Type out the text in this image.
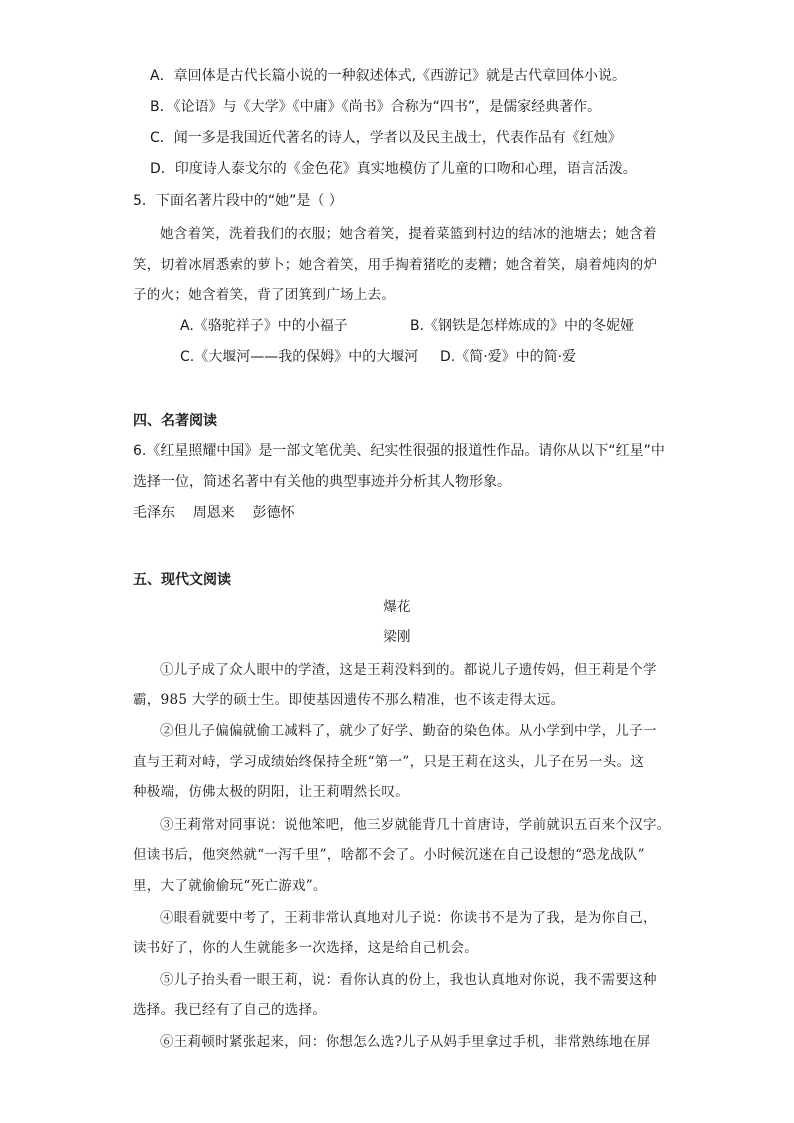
A．章回体是古代长篇小说的一种叙述体式,《西游记》就是古代章回体小说。
B．《论语》与《大学》《中庸》《尚书》合称为“四书”，是儒家经典著作。
C．闻一多是我国近代著名的诗人，学者以及民主战士，代表作品有《红烛》
D．印度诗人泰戈尔的《金色花》真实地模仿了儿童的口吻和心理，语言活泼。
5．下面名著片段中的“她”是（ ）
她含着笑，洗着我们的衣服；她含着笑，提着菜篮到村边的结冰的池塘去；她含着
笑，切着冰屑悉索的萝卜；她含着笑，用手掏着猪吃的麦糟；她含着笑，扇着炖肉的炉
子的火；她含着笑，背了团箕到广场上去。
A.《骆驼祥子》中的小福子	B.《钢铁是怎样炼成的》中的冬妮娅
C.《大堰河——我的保姆》中的大堰河 D.《简·爱》中的简·爱
四、名著阅读
6.《红星照耀中国》是一部文笔优美、纪实性很强的报道性作品。请你从以下“红星”中
选择一位，简述名著中有关他的典型事迹并分析其人物形象。
毛泽东    周恩来    彭德怀
五、现代文阅读
爆花
梁刚
①儿子成了众人眼中的学渣，这是王莉没料到的。都说儿子遗传妈，但王莉是个学
霸，985 大学的硕士生。即使基因遗传不那么精准，也不该走得太远。
②但儿子偏偏就偷工减料了，就少了好学、勤奋的染色体。从小学到中学，儿子一
直与王莉对峙，学习成绩始终保持全班“第一”，只是王莉在这头，儿子在另一头。这
种极端，仿佛太极的阴阳，让王莉喟然长叹。
③王莉常对同事说：说他笨吧，他三岁就能背几十首唐诗，学前就识五百来个汉字。
但读书后，他突然就“一泻千里”，啥都不会了。小时候沉迷在自己设想的“恐龙战队”
里，大了就偷偷玩“死亡游戏”。
④眼看就要中考了，王莉非常认真地对儿子说：你读书不是为了我，是为你自己，
读书好了，你的人生就能多一次选择，这是给自己机会。
⑤儿子抬头看一眼王莉，说：看你认真的份上，我也认真地对你说，我不需要这种
选择。我已经有了自己的选择。
⑥王莉顿时紧张起来，问：你想怎么选?儿子从妈手里拿过手机，非常熟练地在屏
